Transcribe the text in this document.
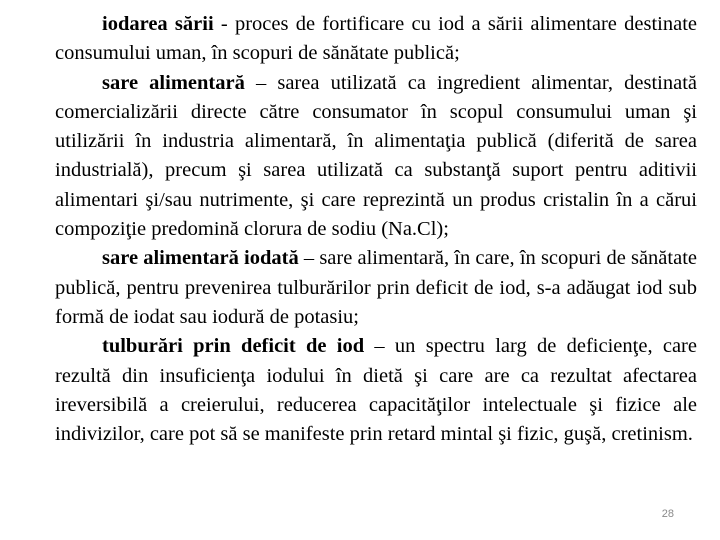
iodarea sării - proces de fortificare cu iod a sării alimentare destinate consumului uman, în scopuri de sănătate publică;

sare alimentară – sarea utilizată ca ingredient alimentar, destinată comercializării directe către consumator în scopul consumului uman şi utilizării în industria alimentară, în alimentaţia publică (diferită de sarea industrială), precum şi sarea utilizată ca substanţă suport pentru aditivii alimentari şi/sau nutrimente, şi care reprezintă un produs cristalin în a cărui compoziţie predomină clorura de sodiu (Na.Cl);

sare alimentară iodată – sare alimentară, în care, în scopuri de sănătate publică, pentru prevenirea tulburărilor prin deficit de iod, s-a adăugat iod sub formă de iodat sau iodură de potasiu;

tulburări prin deficit de iod – un spectru larg de deficienţe, care rezultă din insuficienţa iodului în dietă şi care are ca rezultat afectarea ireversibilă a creierului, reducerea capacităţilor intelectuale şi fizice ale indivizilor, care pot să se manifeste prin retard mintal şi fizic, guşă, cretinism.

28
